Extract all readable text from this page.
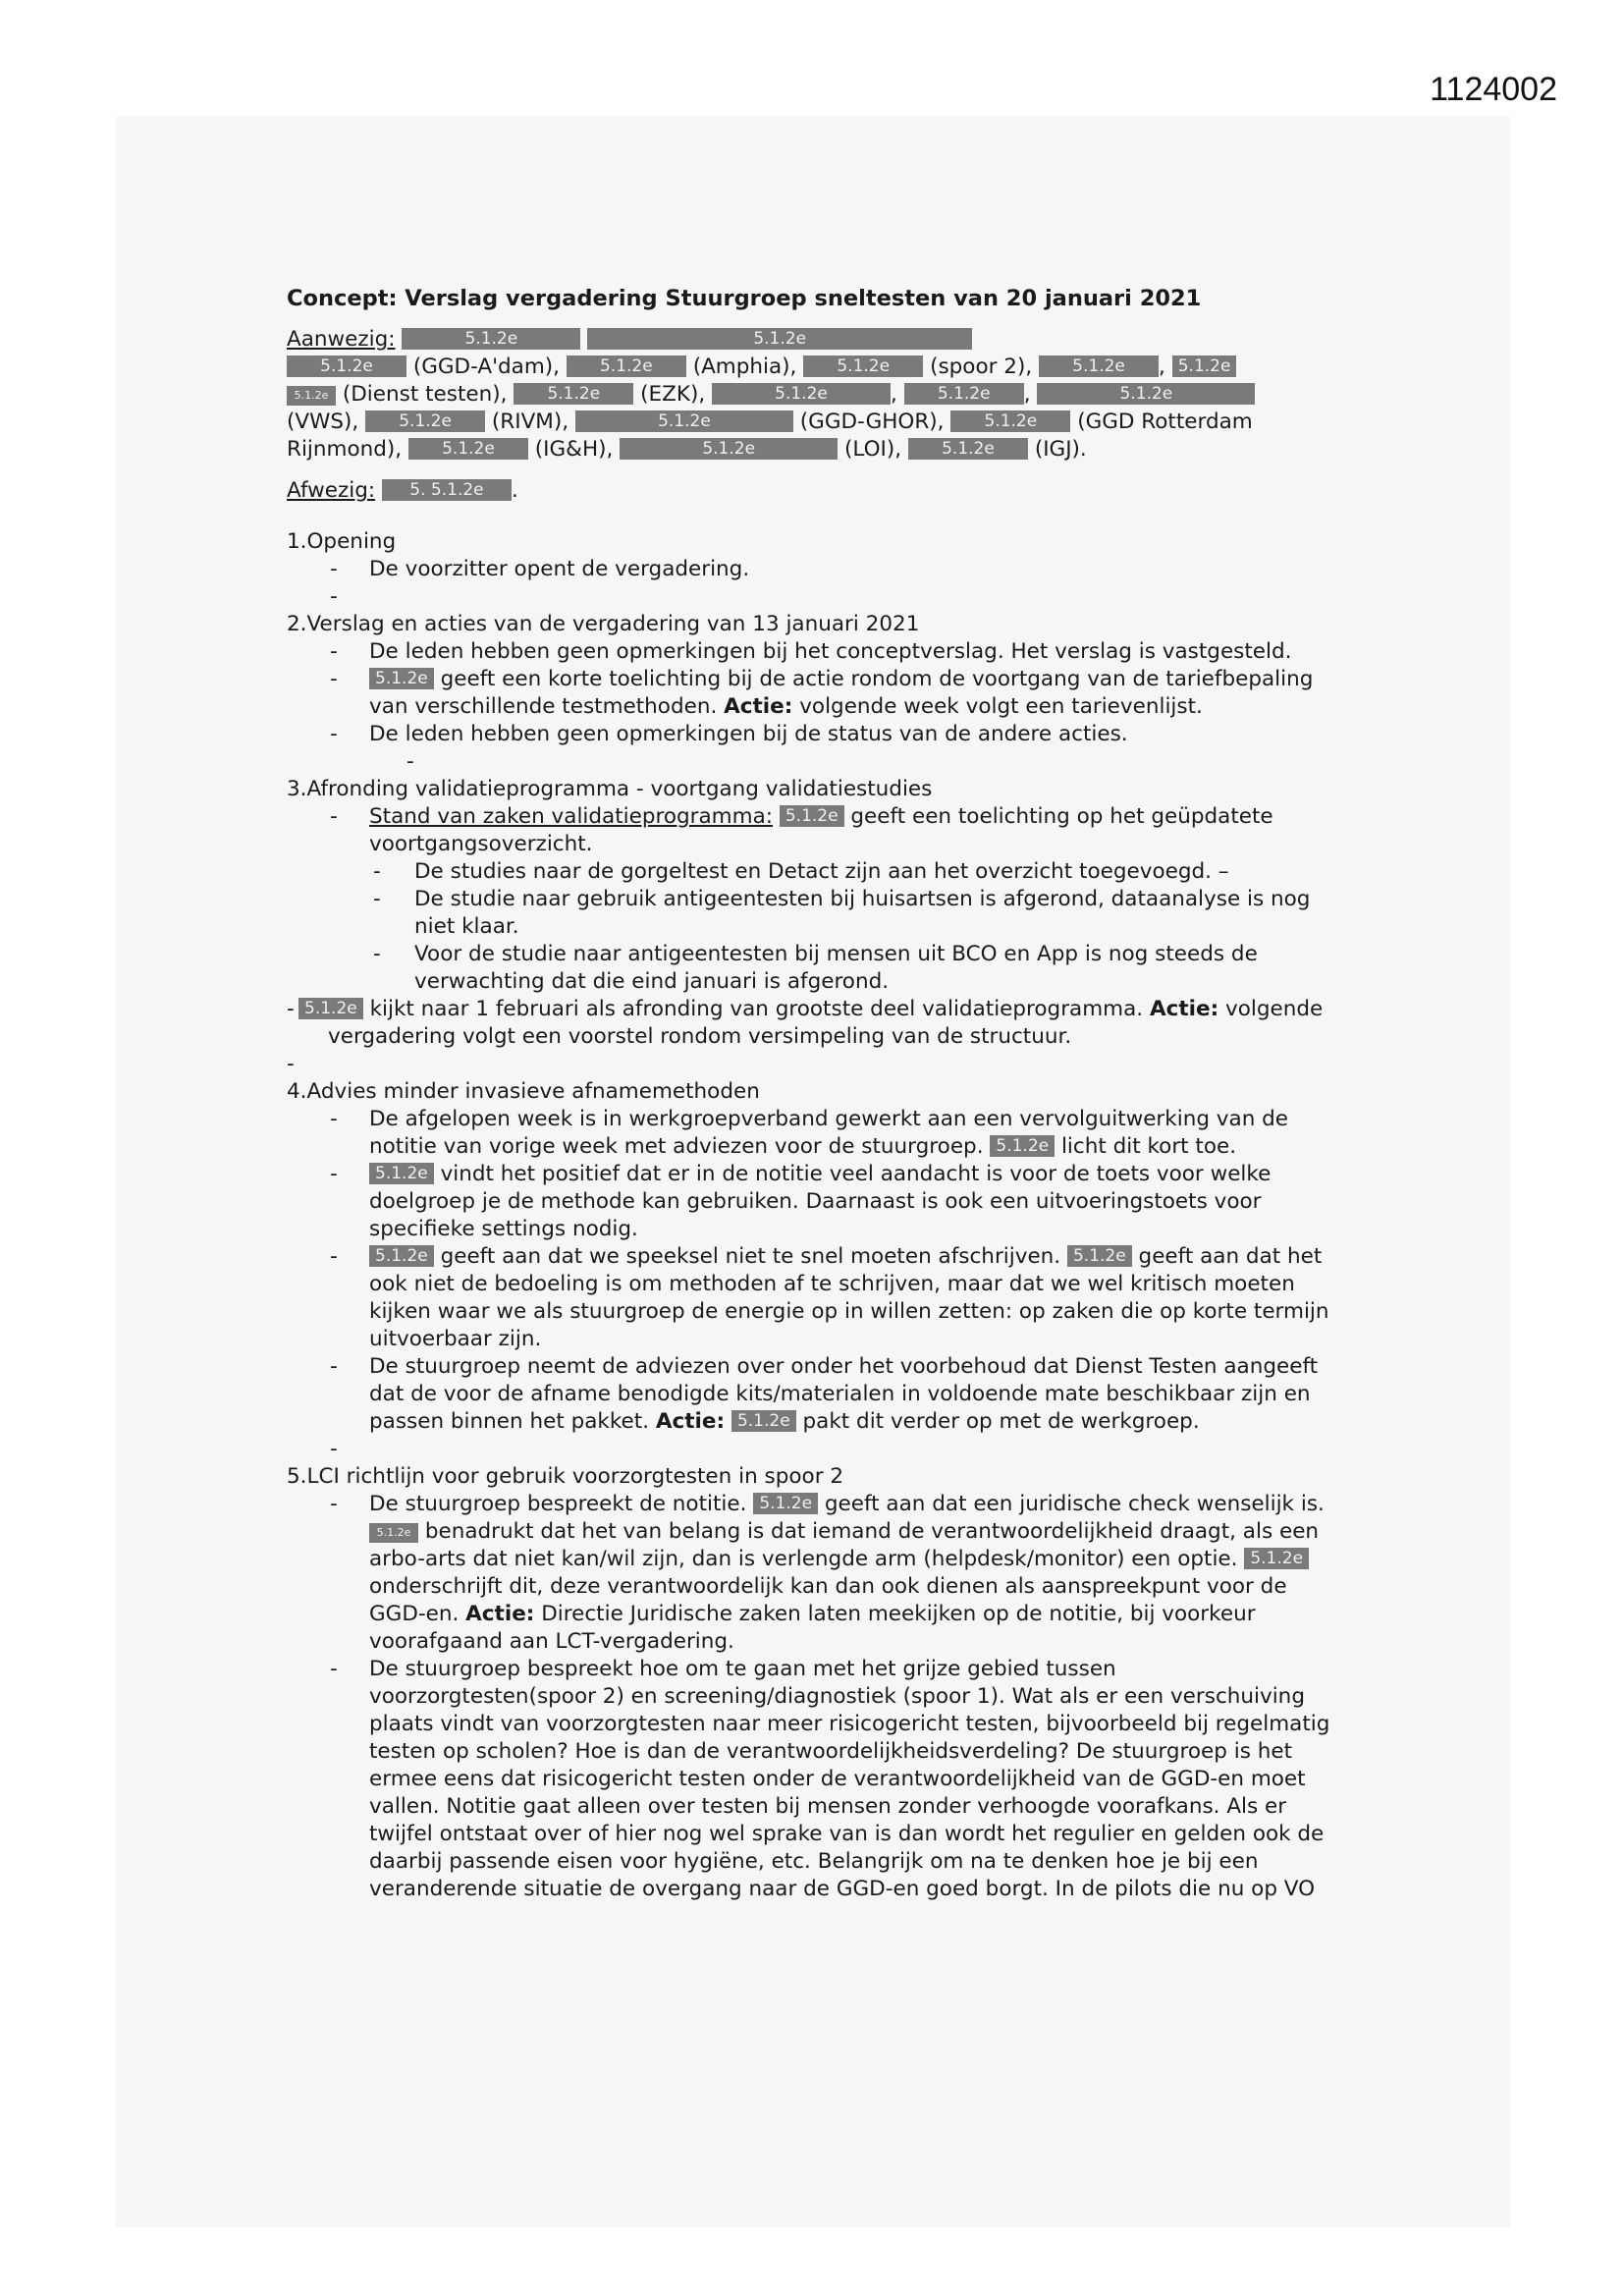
1124002
Concept: Verslag vergadering Stuurgroep sneltesten van 20 januari 2021
Aanwezig:	5.1.2e	5.1.2e
5.1.2e (GGD-A'dam), 5.1.2e (Amphia), 5.1.2e (spoor 2), 5.1.2e , 5.1.2e
5.1.2e (Dienst testen), 5.1.2e (EZK),	5.1.2e	, 5.1.2e ,	5.1.2e
(VWS), 5.1.2e (RIVM),	5.1.2e	(GGD-GHOR), 5.1.2e (GGD Rotterdam
Rijnmond), 5.1.2e (IG&H),	5.1.2e	(LOI), 5.1.2e (IGJ).
Afwezig: 5. 5.1.2e .
1.Opening
- De voorzitter opent de vergadering.
-
2.Verslag en acties van de vergadering van 13 januari 2021
- De leden hebben geen opmerkingen bij het conceptverslag. Het verslag is vastgesteld.
- 5.1.2e geeft een korte toelichting bij de actie rondom de voortgang van de tariefbepaling
van verschillende testmethoden. Actie: volgende week volgt een tarievenlijst.
- De leden hebben geen opmerkingen bij de status van de andere acties.
-
3.Afronding validatieprogramma - voortgang validatiestudies
- Stand van zaken validatieprogramma: 5.1.2e geeft een toelichting op het geüpdatete
voortgangsoverzicht.
- De studies naar de gorgeltest en Detact zijn aan het overzicht toegevoegd. –
- De studie naar gebruik antigeentesten bij huisartsen is afgerond, dataanalyse is nog
niet klaar.
- Voor de studie naar antigeentesten bij mensen uit BCO en App is nog steeds de
verwachting dat die eind januari is afgerond.
- 5.1.2e kijkt naar 1 februari als afronding van grootste deel validatieprogramma. Actie: volgende
vergadering volgt een voorstel rondom versimpeling van de structuur.
-
4.Advies minder invasieve afnamemethoden
- De afgelopen week is in werkgroepverband gewerkt aan een vervolguitwerking van de
notitie van vorige week met adviezen voor de stuurgroep. 5.1.2e licht dit kort toe.
- 5.1.2e vindt het positief dat er in de notitie veel aandacht is voor de toets voor welke
doelgroep je de methode kan gebruiken. Daarnaast is ook een uitvoeringstoets voor
specifieke settings nodig.
- 5.1.2e geeft aan dat we speeksel niet te snel moeten afschrijven. 5.1.2e geeft aan dat het
ook niet de bedoeling is om methoden af te schrijven, maar dat we wel kritisch moeten
kijken waar we als stuurgroep de energie op in willen zetten: op zaken die op korte termijn
uitvoerbaar zijn.
- De stuurgroep neemt de adviezen over onder het voorbehoud dat Dienst Testen aangeeft
dat de voor de afname benodigde kits/materialen in voldoende mate beschikbaar zijn en
passen binnen het pakket. Actie: 5.1.2e pakt dit verder op met de werkgroep.
-
5.LCI richtlijn voor gebruik voorzorgtesten in spoor 2
- De stuurgroep bespreekt de notitie. 5.1.2e geeft aan dat een juridische check wenselijk is.
5.1.2e benadrukt dat het van belang is dat iemand de verantwoordelijkheid draagt, als een
arbo-arts dat niet kan/wil zijn, dan is verlengde arm (helpdesk/monitor) een optie. 5.1.2e
onderschrijft dit, deze verantwoordelijk kan dan ook dienen als aanspreekpunt voor de
GGD-en. Actie: Directie Juridische zaken laten meekijken op de notitie, bij voorkeur
voorafgaand aan LCT-vergadering.
- De stuurgroep bespreekt hoe om te gaan met het grijze gebied tussen
voorzorgtesten(spoor 2) en screening/diagnostiek (spoor 1). Wat als er een verschuiving
plaats vindt van voorzorgtesten naar meer risicogericht testen, bijvoorbeeld bij regelmatig
testen op scholen? Hoe is dan de verantwoordelijkheidsverdeling? De stuurgroep is het
ermee eens dat risicogericht testen onder de verantwoordelijkheid van de GGD-en moet
vallen. Notitie gaat alleen over testen bij mensen zonder verhoogde voorafkans. Als er
twijfel ontstaat over of hier nog wel sprake van is dan wordt het regulier en gelden ook de
daarbij passende eisen voor hygiëne, etc. Belangrijk om na te denken hoe je bij een
veranderende situatie de overgang naar de GGD-en goed borgt. In de pilots die nu op VO
